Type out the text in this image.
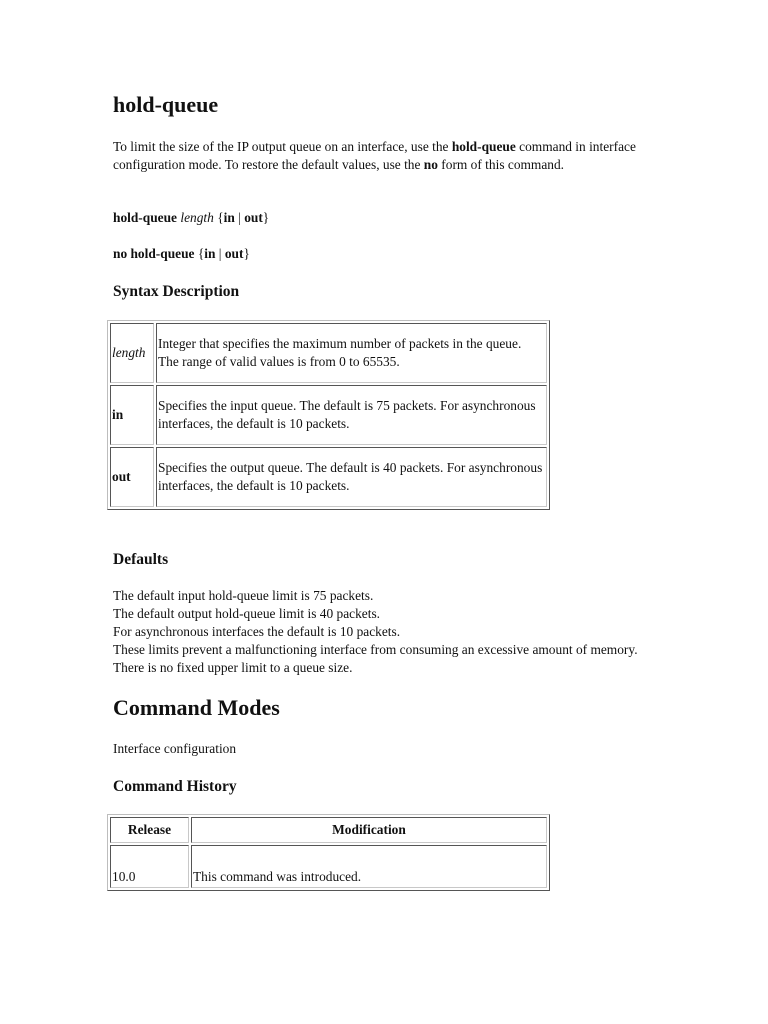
hold-queue
To limit the size of the IP output queue on an interface, use the hold-queue command in interface configuration mode. To restore the default values, use the no form of this command.
hold-queue length {in | out}
no hold-queue {in | out}
Syntax Description
length	Integer that specifies the maximum number of packets in the queue. The range of valid values is from 0 to 65535.
in	Specifies the input queue. The default is 75 packets. For asynchronous interfaces, the default is 10 packets.
out	Specifies the output queue. The default is 40 packets. For asynchronous interfaces, the default is 10 packets.
Defaults
The default input hold-queue limit is 75 packets.
The default output hold-queue limit is 40 packets.
For asynchronous interfaces the default is 10 packets.
These limits prevent a malfunctioning interface from consuming an excessive amount of memory. There is no fixed upper limit to a queue size.
Command Modes
Interface configuration
Command History
Release	Modification
10.0	This command was introduced.
